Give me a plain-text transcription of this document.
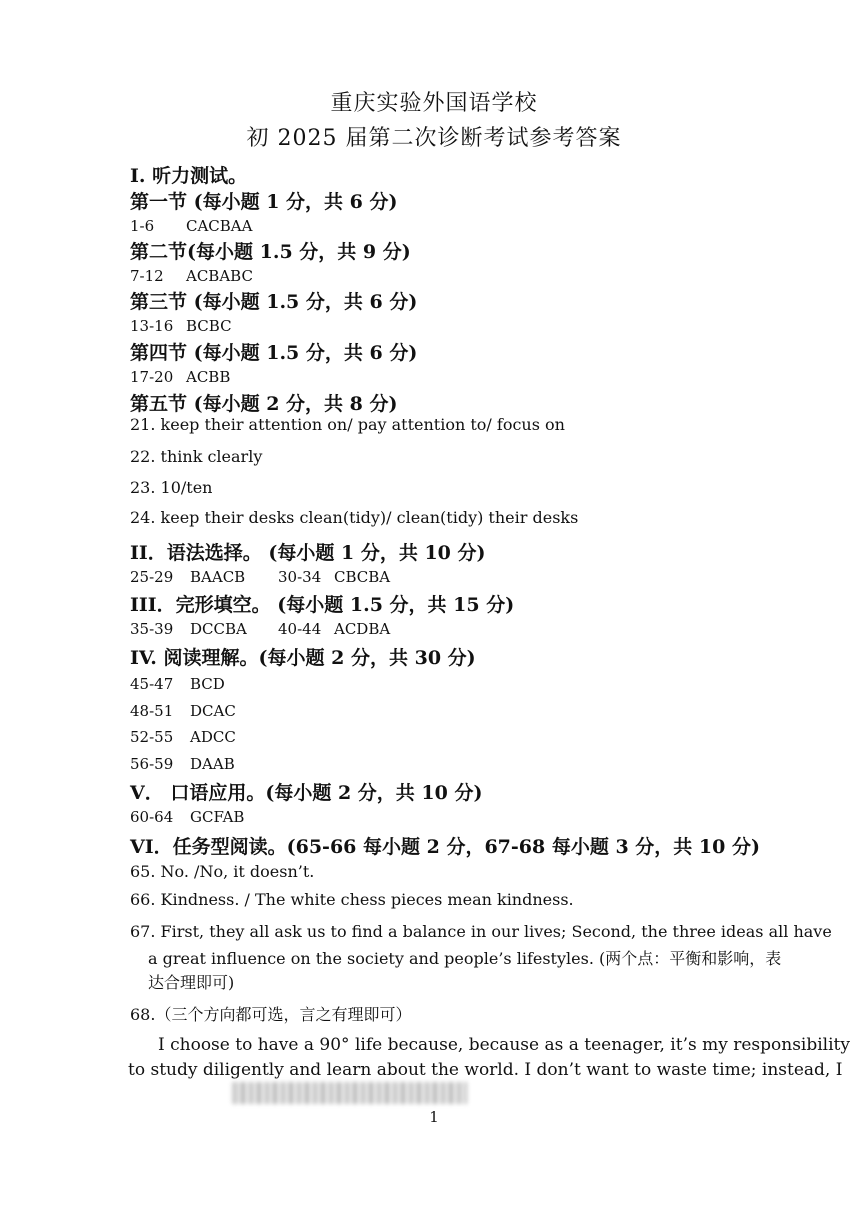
重庆实验外国语学校
初 2025 届第二次诊断考试参考答案
I. 听力测试。
第一节 (每小题 1 分，共 6 分)
1-6 CACBAA
第二节(每小题 1.5 分，共 9 分)
7-12 ACBABC
第三节 (每小题 1.5 分，共 6 分)
13-16 BCBC
第四节 (每小题 1.5 分，共 6 分)
17-20 ACBB
第五节 (每小题 2 分，共 8 分)
21. keep their attention on/ pay attention to/ focus on
22. think clearly
23. 10/ten
24. keep their desks clean(tidy)/ clean(tidy) their desks
II．语法选择。 (每小题 1 分，共 10 分)
25-29 BAACB 30-34 CBCBA
III．完形填空。 (每小题 1.5 分，共 15 分)
35-39 DCCBA 40-44 ACDBA
IV. 阅读理解。(每小题 2 分，共 30 分)
45-47 BCD
48-51 DCAC
52-55 ADCC
56-59 DAAB
V． 口语应用。(每小题 2 分，共 10 分)
60-64 GCFAB
VI．任务型阅读。(65-66 每小题 2 分，67-68 每小题 3 分，共 10 分)
65. No. /No, it doesn’t.
66. Kindness. / The white chess pieces mean kindness.
67. First, they all ask us to find a balance in our lives; Second, the three ideas all have
a great influence on the society and people’s lifestyles. (两个点：平衡和影响，表
达合理即可)
68.（三个方向都可选，言之有理即可）
I choose to have a 90° life because, because as a teenager, it’s my responsibility
to study diligently and learn about the world. I don’t want to waste time; instead, I
1
